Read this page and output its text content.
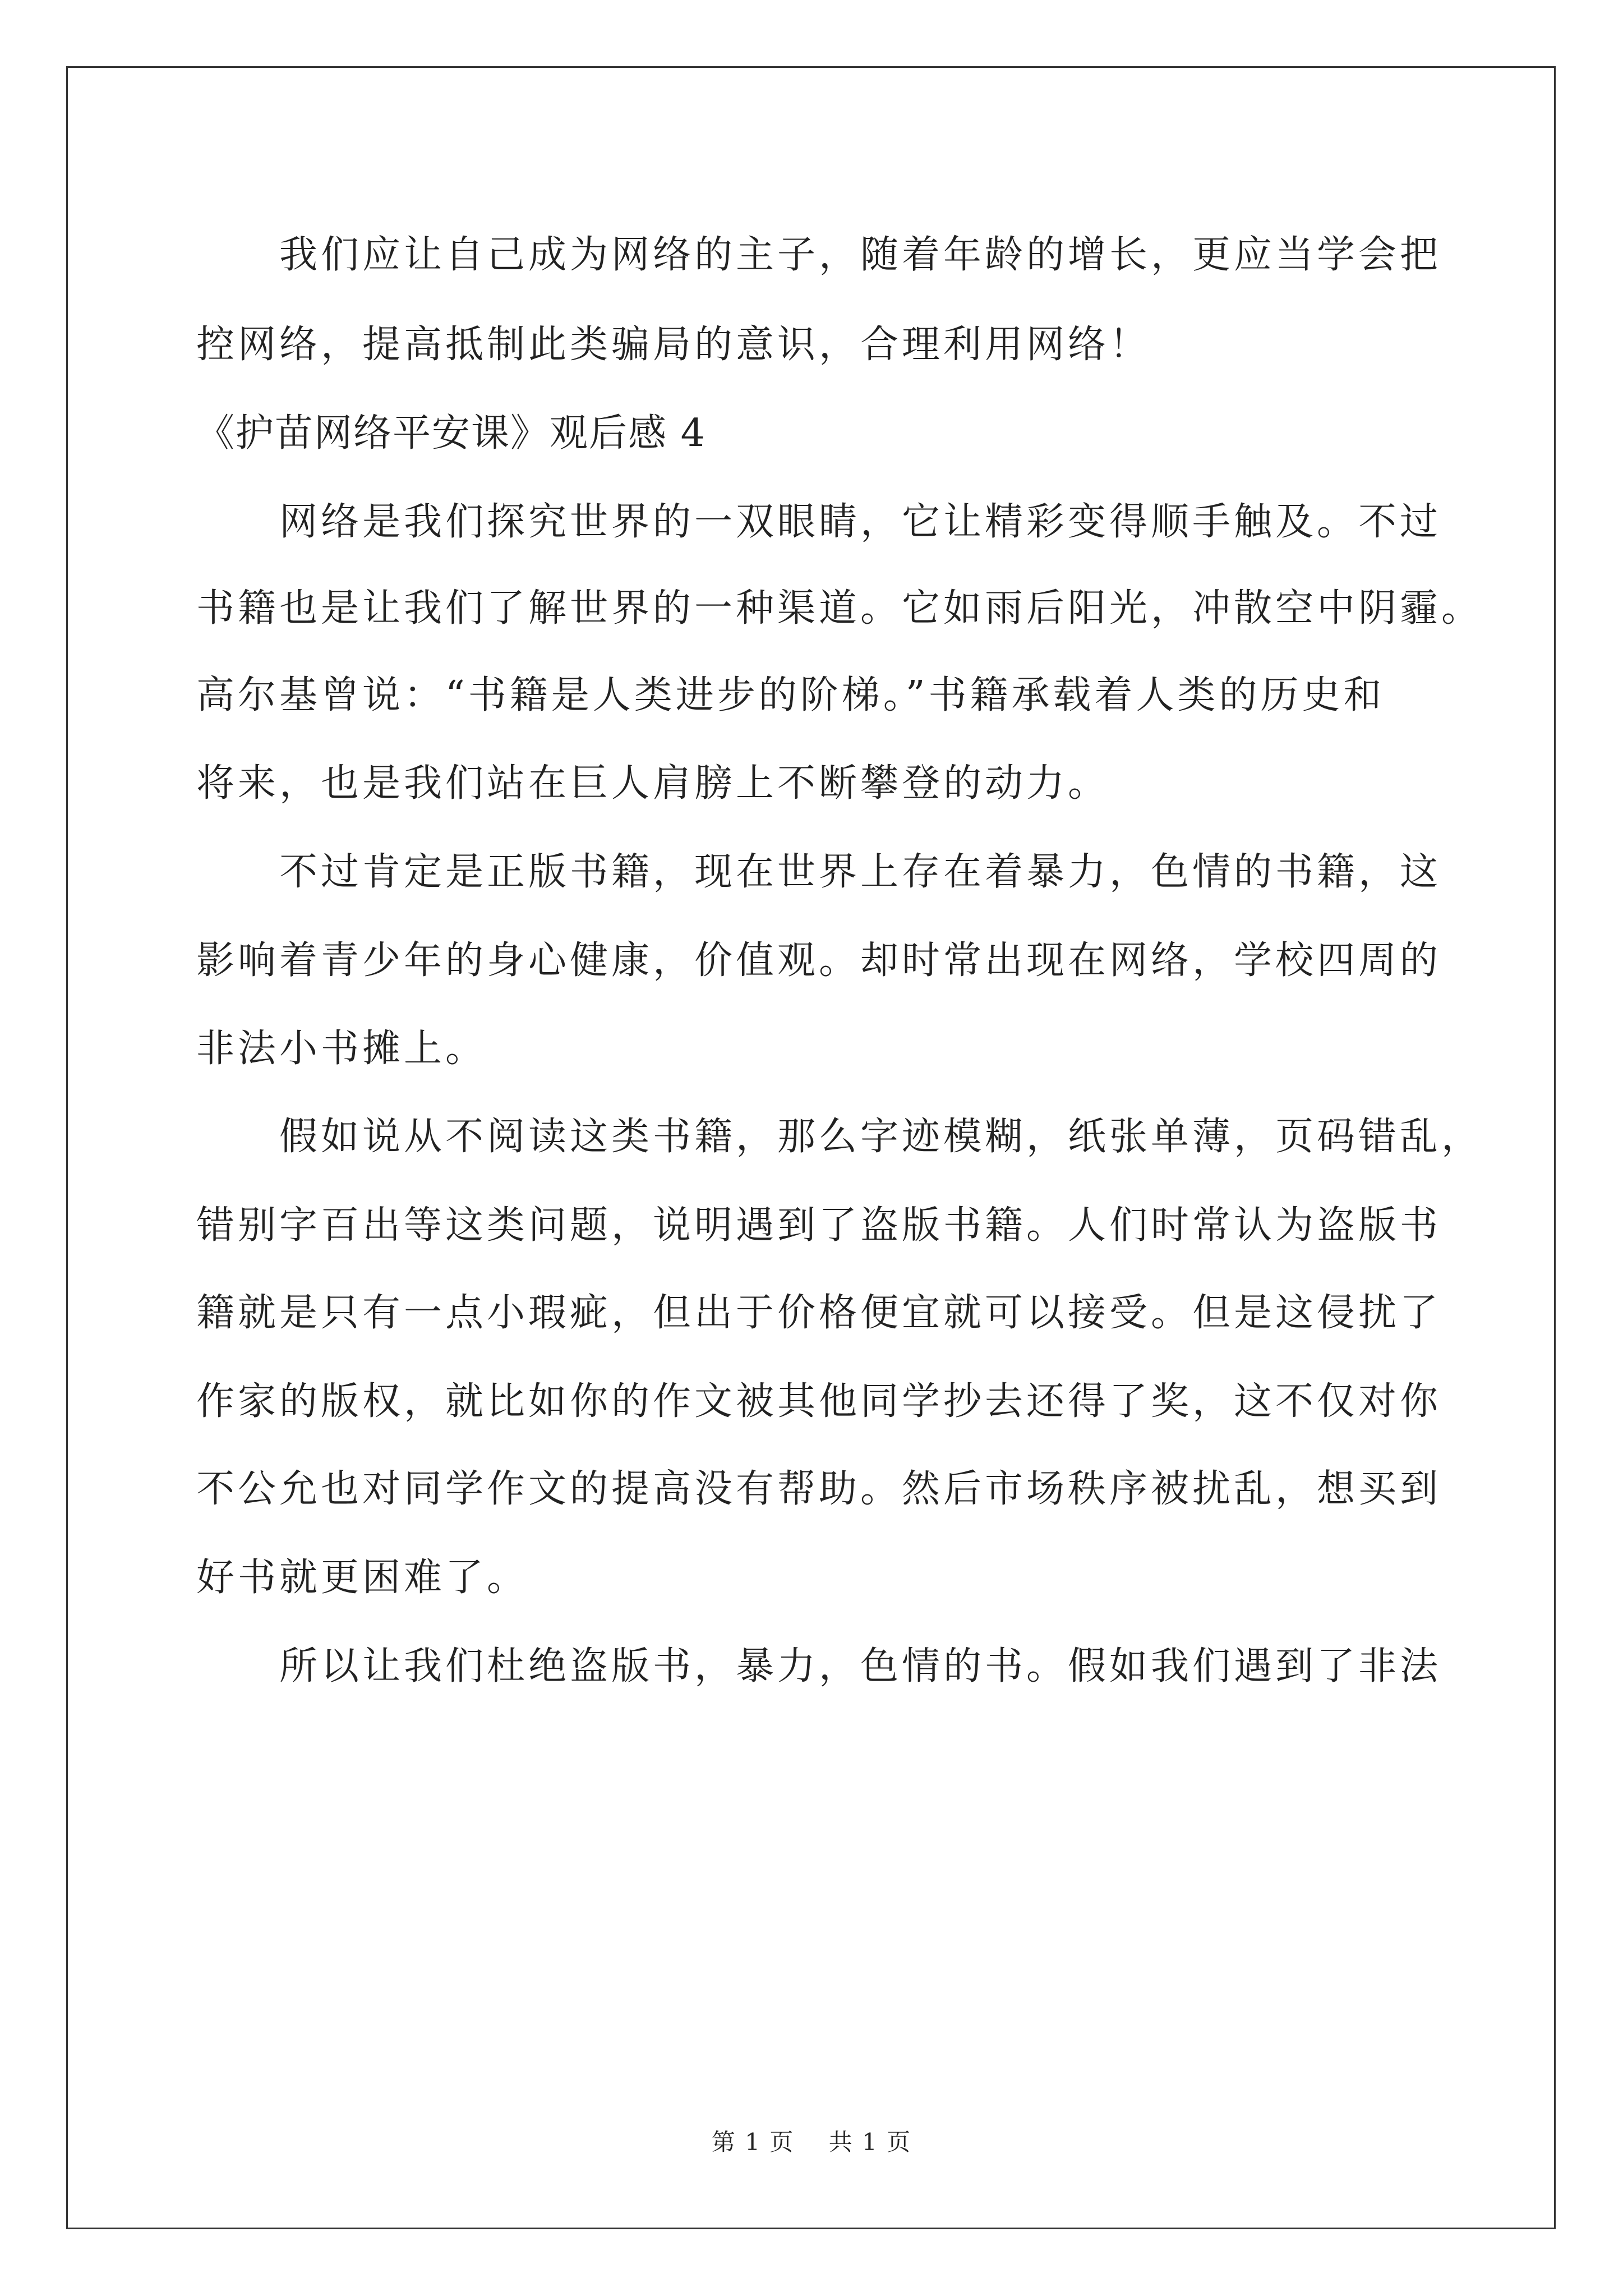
我们应让自己成为网络的主子，随着年龄的增长，更应当学会把

控网络，提高抵制此类骗局的意识，合理利用网络！

《护苗网络平安课》观后感 4

网络是我们探究世界的一双眼睛，它让精彩变得顺手触及。不过

书籍也是让我们了解世界的一种渠道。它如雨后阳光，冲散空中阴霾。

高尔基曾说：“书籍是人类进步的阶梯。”书籍承载着人类的历史和

将来，也是我们站在巨人肩膀上不断攀登的动力。

不过肯定是正版书籍，现在世界上存在着暴力，色情的书籍，这

影响着青少年的身心健康，价值观。却时常出现在网络，学校四周的

非法小书摊上。

假如说从不阅读这类书籍，那么字迹模糊，纸张单薄，页码错乱，

错别字百出等这类问题，说明遇到了盗版书籍。人们时常认为盗版书

籍就是只有一点小瑕疵，但出于价格便宜就可以接受。但是这侵扰了

作家的版权，就比如你的作文被其他同学抄去还得了奖，这不仅对你

不公允也对同学作文的提高没有帮助。然后市场秩序被扰乱，想买到

好书就更困难了。

所以让我们杜绝盗版书，暴力，色情的书。假如我们遇到了非法

第 1 页    共 1 页
